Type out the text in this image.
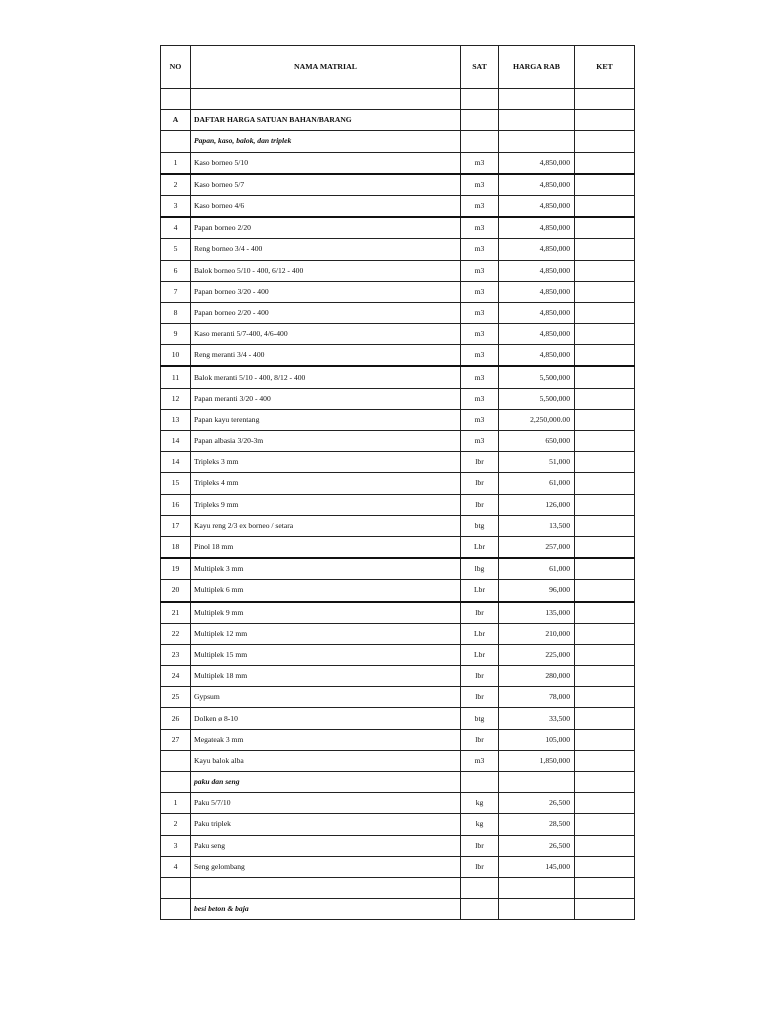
NO	NAMA MATRIAL	SAT	HARGA RAB	KET

A	DAFTAR HARGA SATUAN BAHAN/BARANG			
	Papan, kaso, balok, dan triplek			
1	Kaso borneo 5/10	m3	4,850,000	
2	Kaso borneo 5/7	m3	4,850,000	
3	Kaso borneo 4/6	m3	4,850,000	
4	Papan borneo 2/20	m3	4,850,000	
5	Reng borneo 3/4 - 400	m3	4,850,000	
6	Balok borneo 5/10 - 400, 6/12 - 400	m3	4,850,000	
7	Papan borneo 3/20 - 400	m3	4,850,000	
8	Papan borneo 2/20 - 400	m3	4,850,000	
9	Kaso meranti 5/7-400, 4/6-400	m3	4,850,000	
10	Reng meranti 3/4 - 400	m3	4,850,000	
11	Balok meranti 5/10 - 400, 8/12 - 400	m3	5,500,000	
12	Papan meranti 3/20 - 400	m3	5,500,000	
13	Papan kayu terentang	m3	2,250,000.00	
14	Papan albasia 3/20-3m	m3	650,000	
14	Tripleks 3 mm	lbr	51,000	
15	Tripleks 4 mm	lbr	61,000	
16	Tripleks 9 mm	lbr	126,000	
17	Kayu reng 2/3 ex borneo / setara	btg	13,500	
18	Pinol 18 mm	Lbr	257,000	
19	Multiplek 3 mm	lbg	61,000	
20	Multiplek 6 mm	Lbr	96,000	
21	Multiplek 9 mm	lbr	135,000	
22	Multiplek 12 mm	Lbr	210,000	
23	Multiplek 15 mm	Lbr	225,000	
24	Multiplek 18 mm	lbr	280,000	
25	Gypsum	lbr	78,000	
26	Dolken ø 8-10	btg	33,500	
27	Megateak 3 mm	lbr	105,000	
	Kayu balok alba	m3	1,850,000	
	paku dan seng			
1	Paku 5/7/10	kg	26,500	
2	Paku triplek	kg	28,500	
3	Paku seng	lbr	26,500	
4	Seng gelombang	lbr	145,000	

	besi beton & baja			
